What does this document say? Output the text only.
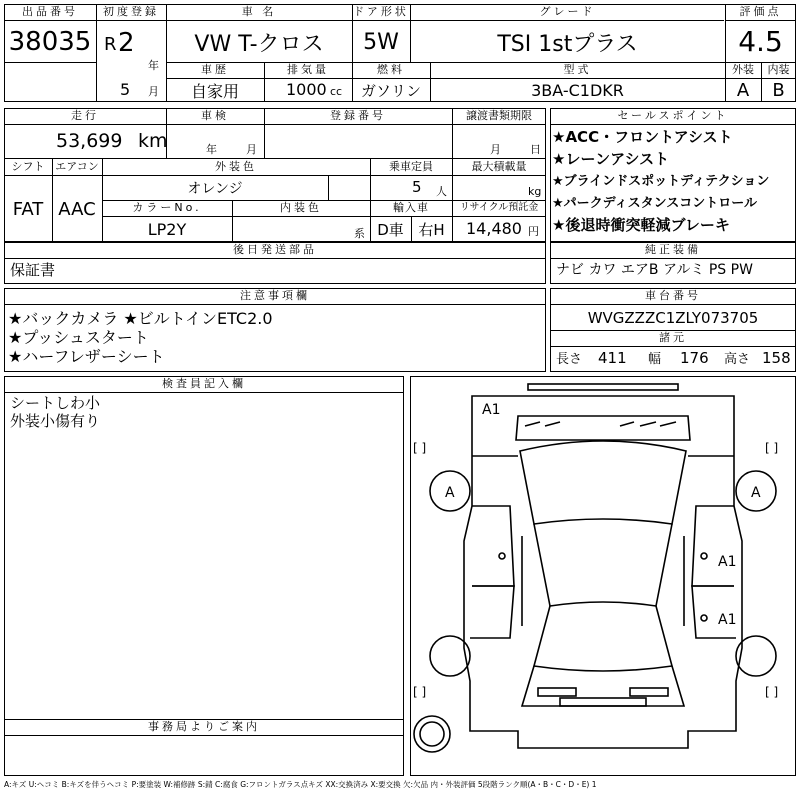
出品番号
38035
初度登録
R 2
年
5 月
車 名
VW T-クロス
ドア形状
5W
グレード
TSI 1stプラス
評価点
4.5
車歴
自家用
排気量
1000 cc
燃料
ガソリン
型式
3BA-C1DKR
外装	内装
A	B
走行
53,699 km
車検
年	月
登録番号	譲渡書類期限
月	日
シフト
FAT
エアコン
AAC
外装色
オレンジ
乗車定員
5 人
最大積載量
kg
カラーNo.
LP2Y
内装色
系
輸入車
D車 右H
リサイクル預託金
14,480 円
セールスポイント
★ACC・フロントアシスト
★レーンアシスト
★ブラインドスポットディテクション
★パークディスタンスコントロール
★後退時衝突軽減ブレーキ
後日発送部品
保証書
純正装備
ナビ カワ エアB アルミ PS PW
注意事項欄
★バックカメラ ★ビルトインETC2.0
★プッシュスタート
★ハーフレザーシート
車台番号
WVGZZZC1ZLY073705
諸元
長さ 411 幅 176 高さ 158
検査員記入欄
シートしわ小
外装小傷有り
事務局よりご案内
A1
A	A
A1
A1
[ ]	[ ]
[ ]	[ ]
A:キズ U:ヘコミ B:キズを伴うヘコミ P:要塗装 W:補修跡 S:錆 C:腐食 G:フロントガラス点キズ XX:交換済み X:要交換 欠:欠品 内・外装評価 5段階ランク順(A・B・C・D・E) 1
